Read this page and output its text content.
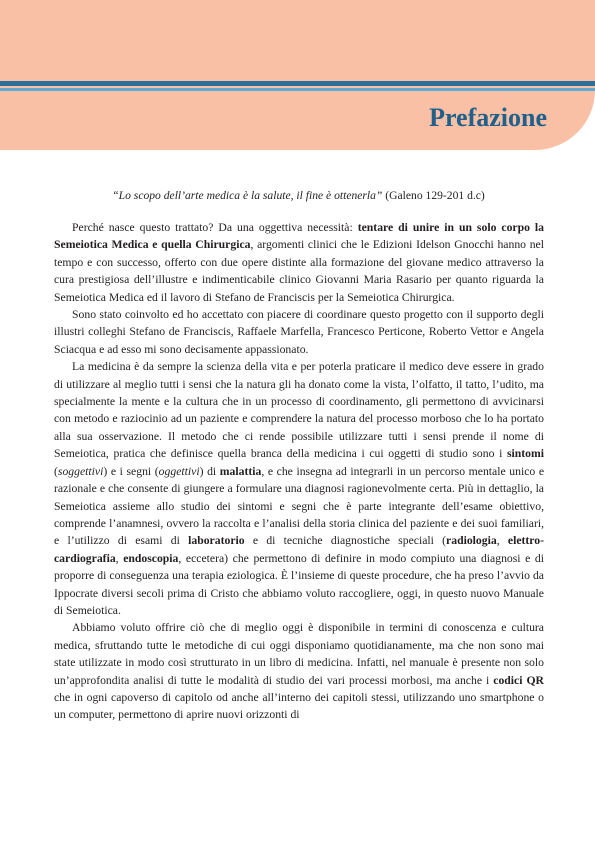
Prefazione

“Lo scopo dell’arte medica è la salute, il fine è ottenerla” (Galeno 129-201 d.c)

Perché nasce questo trattato? Da una oggettiva necessità: tentare di unire in un solo corpo la Semeiotica Medica e quella Chirurgica, argomenti clinici che le Edizioni Idelson Gnocchi hanno nel tempo e con successo, offerto con due opere distinte alla formazione del giovane medico attraverso la cura prestigiosa dell’illustre e indimenticabile clinico Giovanni Maria Rasario per quanto riguarda la Semeiotica Medica ed il lavoro di Stefano de Franciscis per la Semeiotica Chirurgica.

Sono stato coinvolto ed ho accettato con piacere di coordinare questo progetto con il supporto degli illustri colleghi Stefano de Franciscis, Raffaele Marfella, Francesco Perticone, Roberto Vettor e Angela Sciacqua e ad esso mi sono decisamente appassionato.

La medicina è da sempre la scienza della vita e per poterla praticare il medico deve essere in grado di utilizzare al meglio tutti i sensi che la natura gli ha donato come la vista, l’olfatto, il tatto, l’udito, ma specialmente la mente e la cultura che in un processo di coordinamento, gli permettono di avvicinarsi con metodo e raziocinio ad un paziente e comprendere la natura del processo morboso che lo ha portato alla sua osservazione. Il metodo che ci rende possibile utilizzare tutti i sensi prende il nome di Semeiotica, pratica che definisce quella branca della medicina i cui oggetti di studio sono i sintomi (soggettivi) e i segni (oggettivi) di malattia, e che insegna ad integrarli in un percorso mentale unico e razionale e che consente di giungere a formulare una diagnosi ragionevolmente certa. Più in dettaglio, la Semeiotica assieme allo studio dei sintomi e segni che è parte integrante dell’esame obiettivo, comprende l’anamnesi, ovvero la raccolta e l’analisi della storia clinica del paziente e dei suoi familiari, e l’utilizzo di esami di laboratorio e di tecniche diagnostiche speciali (radiologia, elettro-cardiografia, endoscopia, eccetera) che permettono di definire in modo compiuto una diagnosi e di proporre di conseguenza una terapia eziologica. È l’insieme di queste procedure, che ha preso l’avvio da Ippocrate diversi secoli prima di Cristo che abbiamo voluto raccogliere, oggi, in questo nuovo Manuale di Semeiotica.

Abbiamo voluto offrire ciò che di meglio oggi è disponibile in termini di conoscenza e cultura medica, sfruttando tutte le metodiche di cui oggi disponiamo quotidianamente, ma che non sono mai state utilizzate in modo così strutturato in un libro di medicina. Infatti, nel manuale è presente non solo un’approfondita analisi di tutte le modalità di studio dei vari processi morbosi, ma anche i codici QR che in ogni capoverso di capitolo od anche all’interno dei capitoli stessi, utilizzando uno smartphone o un computer, permettono di aprire nuovi orizzonti di
